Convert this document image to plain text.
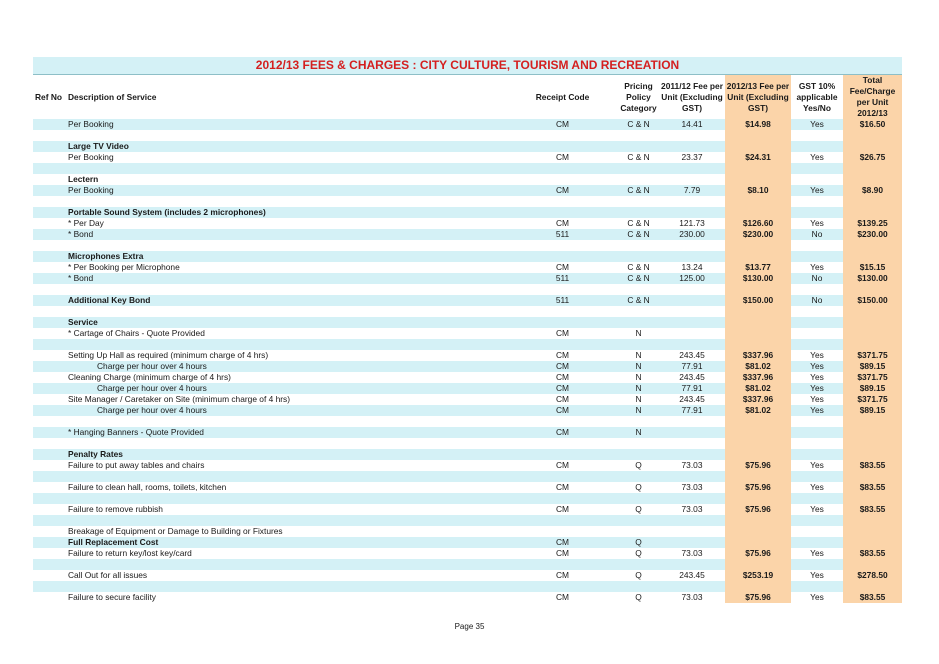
2012/13 FEES & CHARGES : CITY CULTURE, TOURISM AND RECREATION
Ref No	Description of Service	Receipt Code	Pricing Policy Category	2011/12 Fee per Unit (Excluding GST)	2012/13 Fee per Unit (Excluding GST)	GST 10% applicable Yes/No	Total Fee/Charge per Unit 2012/13
	Per Booking	CM	C & N	14.41	$14.98	Yes	$16.50

	Large TV Video						
	Per Booking	CM	C & N	23.37	$24.31	Yes	$26.75

	Lectern						
	Per Booking	CM	C & N	7.79	$8.10	Yes	$8.90

	Portable Sound System (includes 2 microphones)						
	* Per Day	CM	C & N	121.73	$126.60	Yes	$139.25
	* Bond	511	C & N	230.00	$230.00	No	$230.00

	Microphones Extra						
	* Per Booking per Microphone	CM	C & N	13.24	$13.77	Yes	$15.15
	* Bond	511	C & N	125.00	$130.00	No	$130.00

	Additional Key Bond	511	C & N		$150.00	No	$150.00

	Service						
	* Cartage of Chairs - Quote Provided	CM	N				

	Setting Up Hall as required (minimum charge of 4 hrs)	CM	N	243.45	$337.96	Yes	$371.75
	Charge per hour over 4 hours	CM	N	77.91	$81.02	Yes	$89.15
	Cleaning Charge (minimum charge of 4 hrs)	CM	N	243.45	$337.96	Yes	$371.75
	Charge per hour over 4 hours	CM	N	77.91	$81.02	Yes	$89.15
	Site Manager / Caretaker on Site (minimum charge of 4 hrs)	CM	N	243.45	$337.96	Yes	$371.75
	Charge per hour over 4 hours	CM	N	77.91	$81.02	Yes	$89.15

	* Hanging Banners - Quote Provided	CM	N				

	Penalty Rates						
	Failure to put away tables and chairs	CM	Q	73.03	$75.96	Yes	$83.55

	Failure to clean hall, rooms, toilets, kitchen	CM	Q	73.03	$75.96	Yes	$83.55

	Failure to remove rubbish	CM	Q	73.03	$75.96	Yes	$83.55

	Breakage of Equipment or Damage to Building or Fixtures						
	Full Replacement Cost	CM	Q				
	Failure to return key/lost key/card	CM	Q	73.03	$75.96	Yes	$83.55

	Call Out for all issues	CM	Q	243.45	$253.19	Yes	$278.50

	Failure to secure facility	CM	Q	73.03	$75.96	Yes	$83.55
Page 35
